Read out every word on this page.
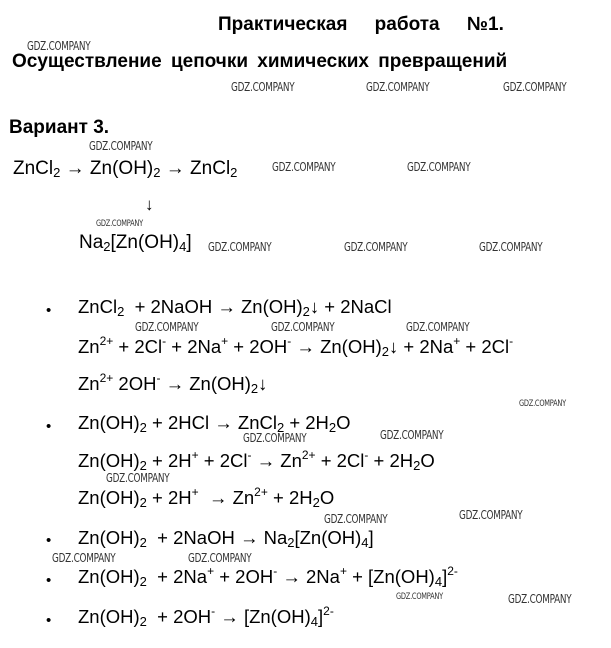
Практическая работа №1.
Осуществление цепочки химических превращений
Вариант 3.
ZnCl$_2$ → $Zn(OH)_2$ → ZnCl$_2$
↓
$Na_2[Zn(OH)_4]$
• ZnCl$_2$  + 2NaOH → $Zn(OH)_2↓$ + 2NaCl
$Zn^{2+} + 2Cl^- + 2Na^+ + 2OH^-$ → $Zn(OH)_2↓ + 2Na^+ + 2Cl^-$
$Zn^{2+}$ $2OH^- \to Zn(OH)_2↓$
• $Zn(OH)_2 + 2HCl$ → ZnCl$_2$ + $2H_2O$
$Zn(OH)_2 + 2H^+ + 2Cl^- \to Zn^{2+} + 2Cl^- + 2H_2O$
$Zn(OH)_2 + 2H^+ \to Zn^{2+} + 2H_2O$
• $Zn(OH)_2$  + 2NaOH → $Na_2[Zn(OH)_4]$
• $Zn(OH)_2 + 2Na^+ + 2OH^- \to 2Na^+ + [Zn(OH)_4]^{2-}$
• $Zn(OH)_2 + 2OH^- \to [Zn(OH)_4]^{2-}$
GDZ.COMPANY
GDZ.COMPANY	GDZ.COMPANY	GDZ.COMPANY
GDZ.COMPANY
GDZ.COMPANY	GDZ.COMPANY
GDZ.COMPANY
GDZ.COMPANY	GDZ.COMPANY	GDZ.COMPANY
GDZ.COMPANY	GDZ.COMPANY	GDZ.COMPANY
GDZ.COMPANY
GDZ.COMPANY	GDZ.COMPANY
GDZ.COMPANY
GDZ.COMPANY	GDZ.COMPANY
GDZ.COMPANY	GDZ.COMPANY
GDZ.COMPANY	GDZ.COMPANY
